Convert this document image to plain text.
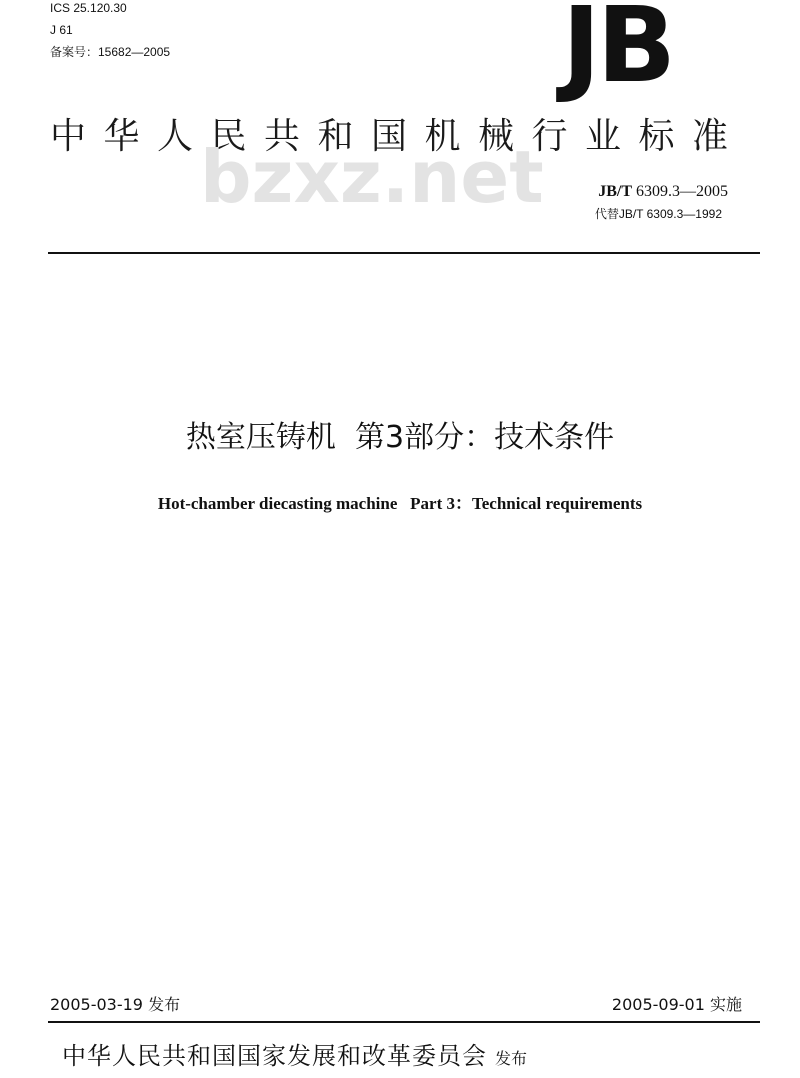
ICS 25.120.30
J 61
备案号：15682—2005	JB
中华人民共和国机械行业标准
bzxz.net	JB/T 6309.3—2005
代替JB/T 6309.3—1992
热室压铸机  第3部分：技术条件
Hot-chamber diecasting machine   Part 3：Technical requirements
2005-03-19 发布	2005-09-01 实施
中华人民共和国国家发展和改革委员会 发布
